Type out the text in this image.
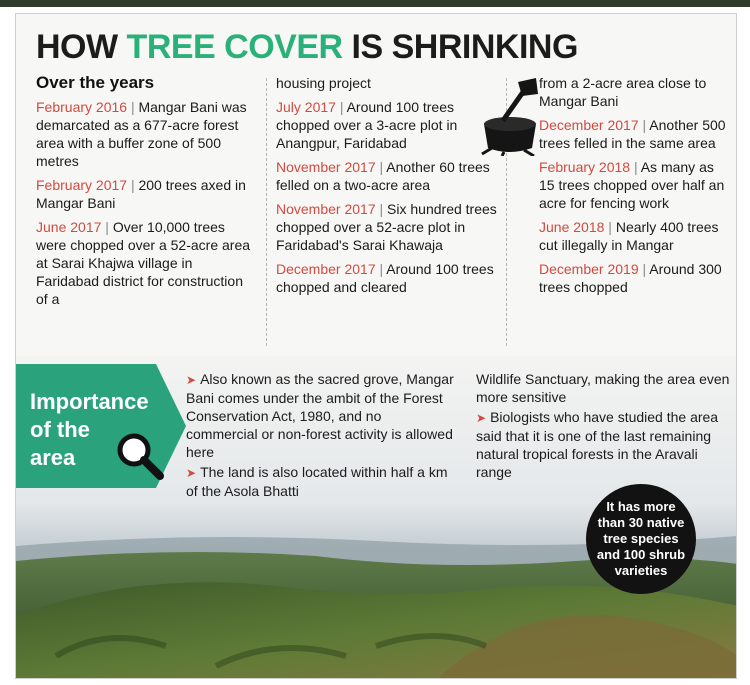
HOW TREE COVER IS SHRINKING
Over the years

February 2016 | Mangar Bani was demarcated as a 677-acre forest area with a buffer zone of 500 metres

February 2017 | 200 trees axed in Mangar Bani

June 2017 | Over 10,000 trees were chopped over a 52-acre area at Sarai Khajwa village in Faridabad district for construction of a

housing project

July 2017 | Around 100 trees chopped over a 3-acre plot in Anangpur, Faridabad

November 2017 | Another 60 trees felled on a two-acre area

November 2017 | Six hundred trees chopped over a 52-acre plot in Faridabad's Sarai Khawaja

December 2017 | Around 100 trees chopped and cleared

from a 2-acre area close to Mangar Bani

December 2017 | Another 500 trees felled in the same area

February 2018 | As many as 15 trees chopped over half an acre for fencing work

June 2018 | Nearly 400 trees cut illegally in Mangar

December 2019 | Around 300 trees chopped

Importance
of the
area

➤ Also known as the sacred grove, Mangar Bani comes under the ambit of the Forest Conservation Act, 1980, and no commercial or non-forest activity is allowed here

➤ The land is also located within half a km of the Asola Bhatti

Wildlife Sanctuary, making the area even more sensitive

➤ Biologists who have studied the area said that it is one of the last remaining natural tropical forests in the Aravali range

It has more than 30 native tree species and 100 shrub varieties
